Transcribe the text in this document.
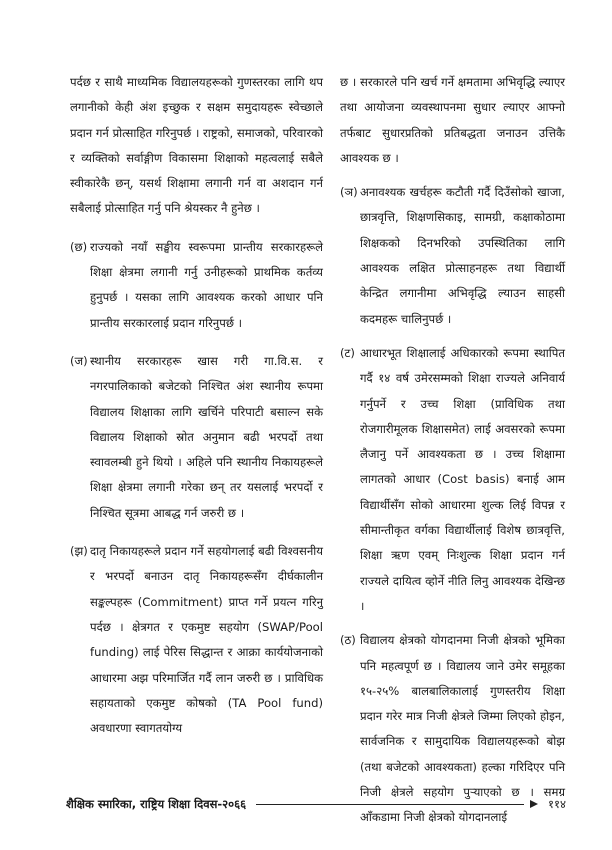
पर्दछ र साथै माध्यमिक विद्यालयहरूको गुणस्तरका लागि थप लगानीको केही अंश इच्छुक र सक्षम समुदायहरू स्वेच्छाले प्रदान गर्न प्रोत्साहित गरिनुपर्छ । राष्ट्रको, समाजको, परिवारको र व्यक्तिको सर्वाङ्गीण विकासमा शिक्षाको महत्वलाई सबैले स्वीकारेकै छन्, यसर्थ शिक्षामा लगानी गर्न वा अशदान गर्न सबैलाई प्रोत्साहित गर्नु पनि श्रेयस्कर नै हुनेछ ।

(छ) राज्यको नयाँ सङ्घीय स्वरूपमा प्रान्तीय सरकारहरूले शिक्षा क्षेत्रमा लगानी गर्नु उनीहरूको प्राथमिक कर्तव्य हुनुपर्छ । यसका लागि आवश्यक करको आधार पनि प्रान्तीय सरकारलाई प्रदान गरिनुपर्छ ।
(ज) स्थानीय सरकारहरू खास गरी गा.वि.स. र नगरपालिकाको बजेटको निश्चित अंश स्थानीय रूपमा विद्यालय शिक्षाका लागि खर्चिने परिपाटी बसाल्न सके विद्यालय शिक्षाको स्रोत अनुमान बढी भरपर्दो तथा स्वावलम्बी हुने थियो । अहिले पनि स्थानीय निकायहरूले शिक्षा क्षेत्रमा लगानी गरेका छन् तर यसलाई भरपर्दो र निश्चित सूत्रमा आबद्ध गर्न जरुरी छ ।
(झ) दातृ निकायहरूले प्रदान गर्ने सहयोगलाई बढी विश्वसनीय र भरपर्दो बनाउन दातृ निकायहरूसँग दीर्घकालीन सङ्कल्पहरू (Commitment) प्राप्त गर्ने प्रयत्न गरिनु पर्दछ । क्षेत्रगत र एकमुष्ट सहयोग (SWAP/Pool funding) लाई पेरिस सिद्धान्त र आक्रा कार्ययोजनाको आधारमा अझ परिमार्जित गर्दै लान जरुरी छ । प्राविधिक सहायताको एकमुष्ट कोषको (TA Pool fund) अवधारणा स्वागतयोग्य

छ । सरकारले पनि खर्च गर्ने क्षमतामा अभिवृद्धि ल्याएर तथा आयोजना व्यवस्थापनमा सुधार ल्याएर आफ्नो तर्फबाट सुधारप्रतिको प्रतिबद्धता जनाउन उत्तिकै आवश्यक छ ।

(ञ) अनावश्यक खर्चहरू कटौती गर्दै दिउँसोको खाजा, छात्रवृत्ति, शिक्षणसिकाइ, सामग्री, कक्षाकोठामा शिक्षकको दिनभरिको उपस्थितिका लागि आवश्यक लक्षित प्रोत्साहनहरू तथा विद्यार्थी केन्द्रित लगानीमा अभिवृद्धि ल्याउन साहसी कदमहरू चालिनुपर्छ ।
(ट) आधारभूत शिक्षालाई अधिकारको रूपमा स्थापित गर्दै १४ वर्ष उमेरसम्मको शिक्षा राज्यले अनिवार्य गर्नुपर्ने र उच्च शिक्षा (प्राविधिक तथा रोजगारीमूलक शिक्षासमेत) लाई अवसरको रूपमा लैजानु पर्ने आवश्यकता छ । उच्च शिक्षामा लागतको आधार (Cost basis) बनाई आम विद्यार्थीसँग सोको आधारमा शुल्क लिई विपन्न र सीमान्तीकृत वर्गका विद्यार्थीलाई विशेष छात्रवृत्ति, शिक्षा ऋण एवम् निःशुल्क शिक्षा प्रदान गर्न राज्यले दायित्व व्होर्ने नीति लिनु आवश्यक देखिन्छ ।
(ठ) विद्यालय क्षेत्रको योगदानमा निजी क्षेत्रको भूमिका पनि महत्वपूर्ण छ । विद्यालय जाने उमेर समूहका १५-२५% बालबालिकालाई गुणस्तरीय शिक्षा प्रदान गरेर मात्र निजी क्षेत्रले जिम्मा लिएको होइन, सार्वजनिक र सामुदायिक विद्यालयहरूको बोझ (तथा बजेटको आवश्यकता) हल्का गरिदिएर पनि निजी क्षेत्रले सहयोग पुऱ्याएको छ । समग्र आँकडामा निजी क्षेत्रको योगदानलाई
शैक्षिक स्मारिका, राष्ट्रिय शिक्षा दिवस-२०६६	११४
